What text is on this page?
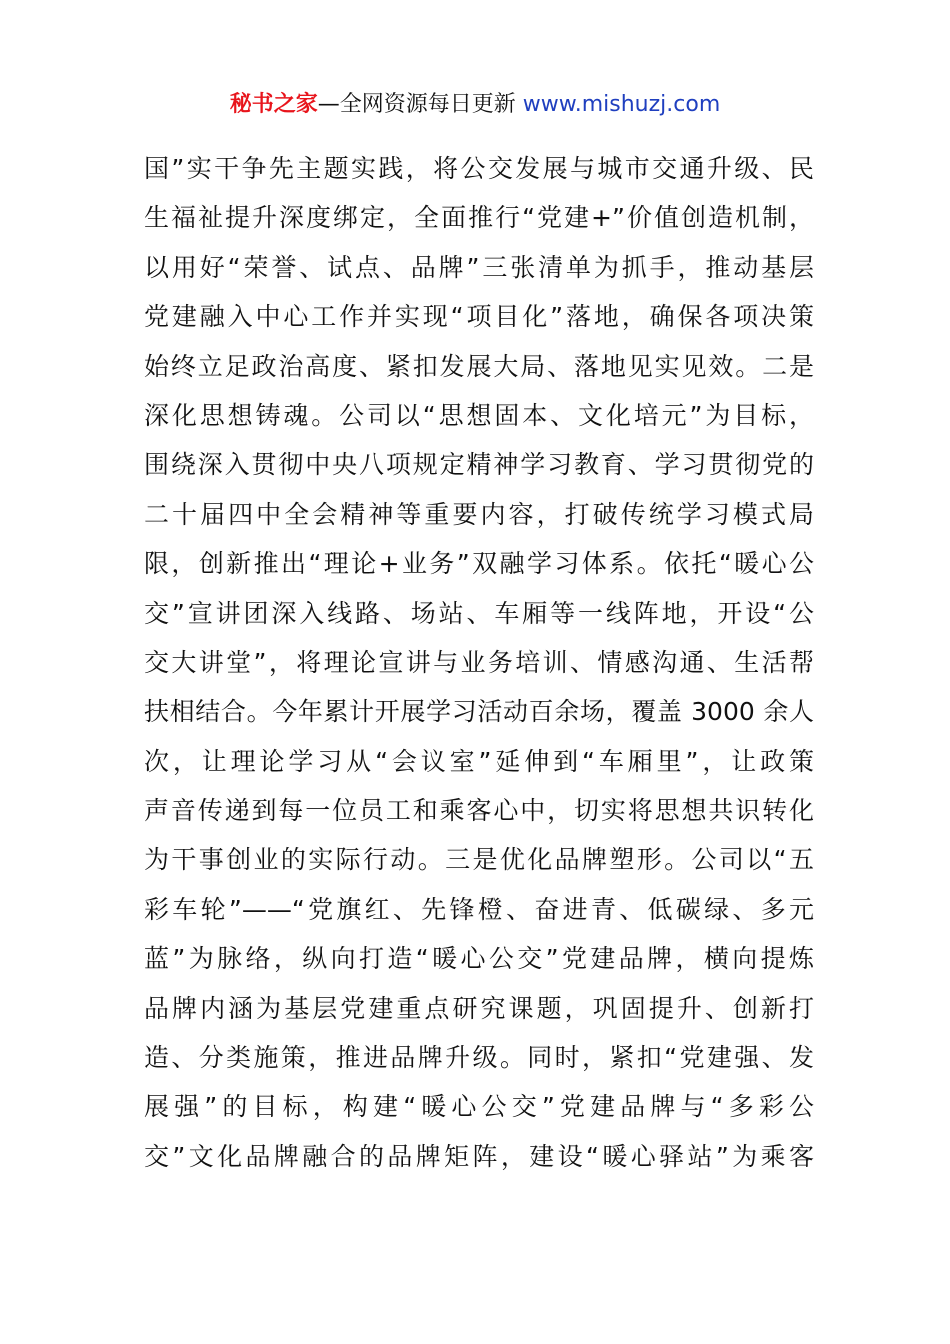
秘书之家—全网资源每日更新 www.mishuzj.com
国”实干争先主题实践，将公交发展与城市交通升级、民
生福祉提升深度绑定，全面推行“党建+”价值创造机制，
以用好“荣誉、试点、品牌”三张清单为抓手，推动基层
党建融入中心工作并实现“项目化”落地，确保各项决策
始终立足政治高度、紧扣发展大局、落地见实见效。二是
深化思想铸魂。公司以“思想固本、文化培元”为目标，
围绕深入贯彻中央八项规定精神学习教育、学习贯彻党的
二十届四中全会精神等重要内容，打破传统学习模式局
限，创新推出“理论+业务”双融学习体系。依托“暖心公
交”宣讲团深入线路、场站、车厢等一线阵地，开设“公
交大讲堂”，将理论宣讲与业务培训、情感沟通、生活帮
扶相结合。今年累计开展学习活动百余场，覆盖 3000 余人
次，让理论学习从“会议室”延伸到“车厢里”，让政策
声音传递到每一位员工和乘客心中，切实将思想共识转化
为干事创业的实际行动。三是优化品牌塑形。公司以“五
彩车轮”——“党旗红、先锋橙、奋进青、低碳绿、多元
蓝”为脉络，纵向打造“暖心公交”党建品牌，横向提炼
品牌内涵为基层党建重点研究课题，巩固提升、创新打
造、分类施策，推进品牌升级。同时，紧扣“党建强、发
展强”的目标，构建“暖心公交”党建品牌与“多彩公
交”文化品牌融合的品牌矩阵，建设“暖心驿站”为乘客
